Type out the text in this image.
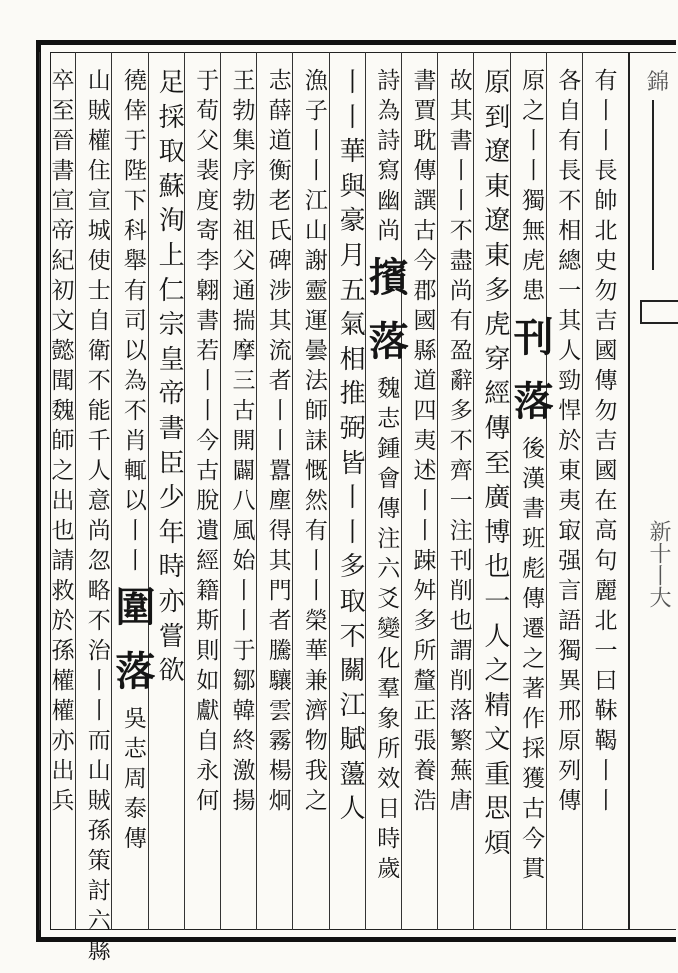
錦
新十丨大
有
丨
丨
長
帥
北
史
勿
吉
國
傳
勿
吉
國
在
高
句
麗
北
一
曰
靺
鞨
丨
丨
各
自
有
長
不
相
總
一
其
人
勁
悍
於
東
夷
㝡
强
言
語
獨
異
邢
原
列
傳
原
之
丨
丨
獨
無
虎
患
刊
落
後
漢
書
班
彪
傳
遷
之
著
作
採
獲
古
今
貫
原
到
遼
東
遼
東
多
虎
穿
經
傳
至
廣
博
也
一
人
之
精
文
重
思
煩
故
其
書
丨
丨
不
盡
尚
有
盈
辭
多
不
齊
一
注
刊
削
也
謂
削
落
繁
蕪
唐
書
賈
耽
傳
譔
古
今
郡
國
縣
道
四
夷
述
丨
丨
踈
舛
多
所
釐
正
張
養
浩
詩
為
詩
寫
幽
尚
擯
落
魏
志
鍾
會
傳
注
六
爻
變
化
羣
象
所
效
日
時
歲
丨
丨
華
與
豪
月
五
氣
相
推
弼
皆
丨
丨
多
取
不
關
江
賦
蘯
人
漁
子
丨
丨
江
山
謝
靈
運
曇
法
師
誄
慨
然
有
丨
丨
榮
華
兼
濟
物
我
之
志
薛
道
衡
老
氏
碑
涉
其
流
者
丨
丨
囂
塵
得
其
門
者
騰
驤
雲
霧
楊
炯
王
勃
集
序
勃
祖
父
通
揣
摩
三
古
開
闢
八
風
始
丨
丨
于
鄒
韓
終
激
揚
于
荀
父
裴
度
寄
李
翺
書
若
丨
丨
今
古
脫
遺
經
籍
斯
則
如
獻
自
永
何
足
採
取
蘇
洵
上
仁
宗
皇
帝
書
臣
少
年
時
亦
嘗
欲
徺
倖
于
陛
下
科
舉
有
司
以
為
不
肖
輒
以
丨
丨
圍
落
吳
志
周
泰
傳
山
賊
權
住
宣
城
使
士
自
衛
不
能
千
人
意
尚
忽
略
不
治
丨
丨
而
山
賊
孫
策
討
六
縣
卒
至
晉
書
宣
帝
紀
初
文
懿
聞
魏
師
之
出
也
請
救
於
孫
權
權
亦
出
兵
